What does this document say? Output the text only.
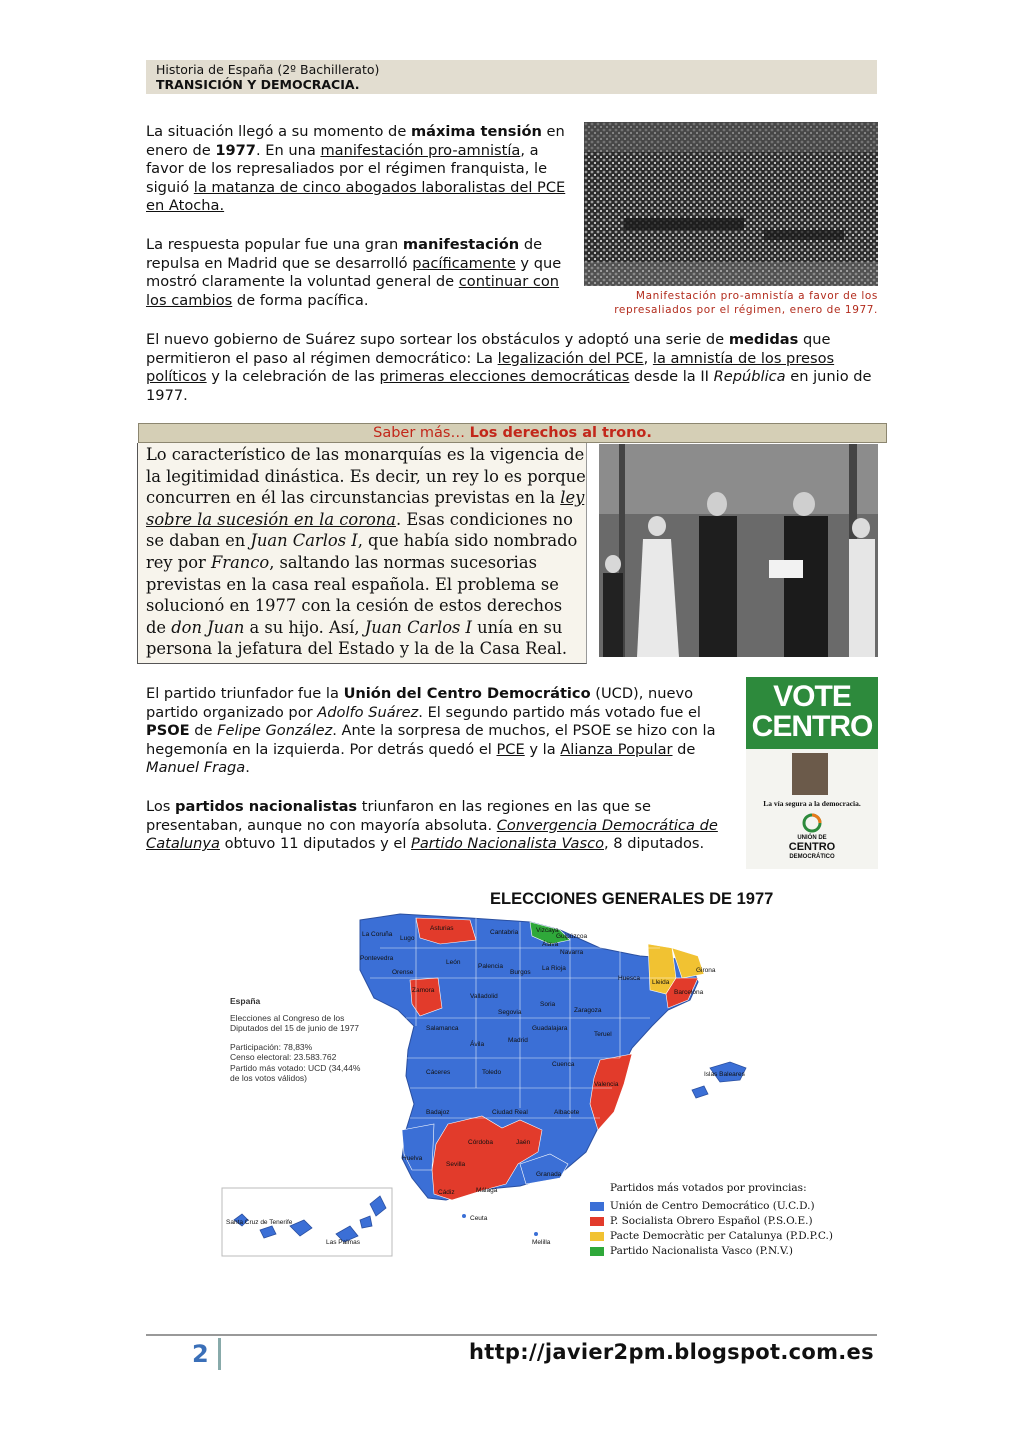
Historia de España (2º Bachillerato)
TRANSICIÓN Y DEMOCRACIA.
La situación llegó a su momento de máxima tensión en enero de 1977. En una manifestación pro-amnistía, a favor de los represaliados por el régimen franquista, le siguió la matanza de cinco abogados laboralistas del PCE en Atocha.
La respuesta popular fue una gran manifestación de repulsa en Madrid que se desarrolló pacíficamente y que mostró claramente la voluntad general de continuar con los cambios de forma pacífica.	Manifestación pro-amnistía a favor de los represaliados por el régimen, enero de 1977.
El nuevo gobierno de Suárez supo sortear los obstáculos y adoptó una serie de medidas que permitieron el paso al régimen democrático: La legalización del PCE, la amnistía de los presos políticos y la celebración de las primeras elecciones democráticas desde la II República en junio de 1977.
Saber más… Los derechos al trono.
Lo característico de las monarquías es la vigencia de la legitimidad dinástica. Es decir, un rey lo es porque concurren en él las circunstancias previstas en la ley sobre la sucesión en la corona. Esas condiciones no se daban en Juan Carlos I, que había sido nombrado rey por Franco, saltando las normas sucesorias previstas en la casa real española. El problema se solucionó en 1977 con la cesión de estos derechos de don Juan a su hijo. Así, Juan Carlos I unía en su persona la jefatura del Estado y la de la Casa Real.
El partido triunfador fue la Unión del Centro Democrático (UCD), nuevo partido organizado por Adolfo Suárez. El segundo partido más votado fue el PSOE de Felipe González. Ante la sorpresa de muchos, el PSOE se hizo con la hegemonía en la izquierda. Por detrás quedó el PCE y la Alianza Popular de Manuel Fraga.
Los partidos nacionalistas triunfaron en las regiones en las que se presentaban, aunque no con mayoría absoluta. Convergencia Democrática de Catalunya obtuvo 11 diputados y el Partido Nacionalista Vasco, 8 diputados.
VOTE
CENTRO
La vía segura a la democracia.
UNIÓN DE
CENTRO
DEMOCRÁTICO
ELECCIONES GENERALES DE 1977
La Coruña
Lugo
Asturias
Cantabria	Vizcaya
Guipúzcoa
Álava
Navarra
Pontevedra
Orense
León
Palencia
Burgos
La Rioja
Huesca
Lleida
Girona
Barcelona
Zamora
Valladolid
Soria
Zaragoza
Segovia
Salamanca
Ávila
Madrid
Guadalajara
Teruel
Cáceres	Toledo
Cuenca
Valencia
Badajoz	Ciudad Real	Albacete
Córdoba	Jaén
Huelva
Sevilla
Granada
Cádiz	Málaga
Ceuta
Melilla
Islas Baleares
Santa Cruz de Tenerife
Las Palmas
España
Elecciones al Congreso de los
Diputados del 15 de junio de 1977
Participación: 78,83%
Censo electoral: 23.583.762
Partido más votado: UCD (34,44%
de los votos válidos)
Partidos más votados por provincias:
Unión de Centro Democrático (U.C.D.)
P. Socialista Obrero Español (P.S.O.E.)
Pacte Democràtic per Catalunya (P.D.P.C.)
Partido Nacionalista Vasco (P.N.V.)
2	http://javier2pm.blogspot.com.es
